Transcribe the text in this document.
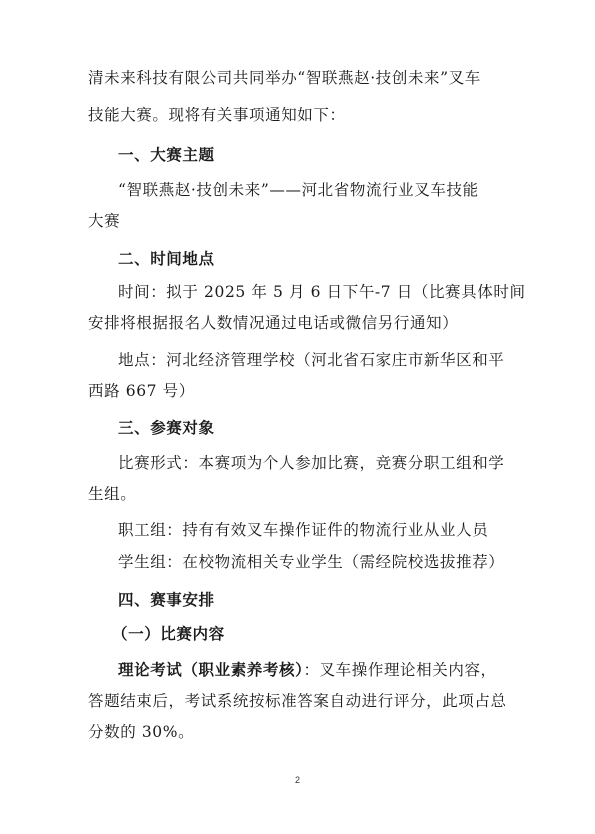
清未来科技有限公司共同举办“智联燕赵·技创未来”叉车
技能大赛。现将有关事项通知如下：
一、大赛主题
“智联燕赵·技创未来”——河北省物流行业叉车技能
大赛
二、时间地点
时间：拟于 2025 年 5 月 6 日下午-7 日（比赛具体时间
安排将根据报名人数情况通过电话或微信另行通知）
地点：河北经济管理学校（河北省石家庄市新华区和平
西路 667 号）
三、参赛对象
比赛形式：本赛项为个人参加比赛，竞赛分职工组和学
生组。
职工组：持有有效叉车操作证件的物流行业从业人员
学生组：在校物流相关专业学生（需经院校选拔推荐）
四、赛事安排
（一）比赛内容
理论考试（职业素养考核）：叉车操作理论相关内容，
答题结束后，考试系统按标准答案自动进行评分，此项占总
分数的 30%。
2
